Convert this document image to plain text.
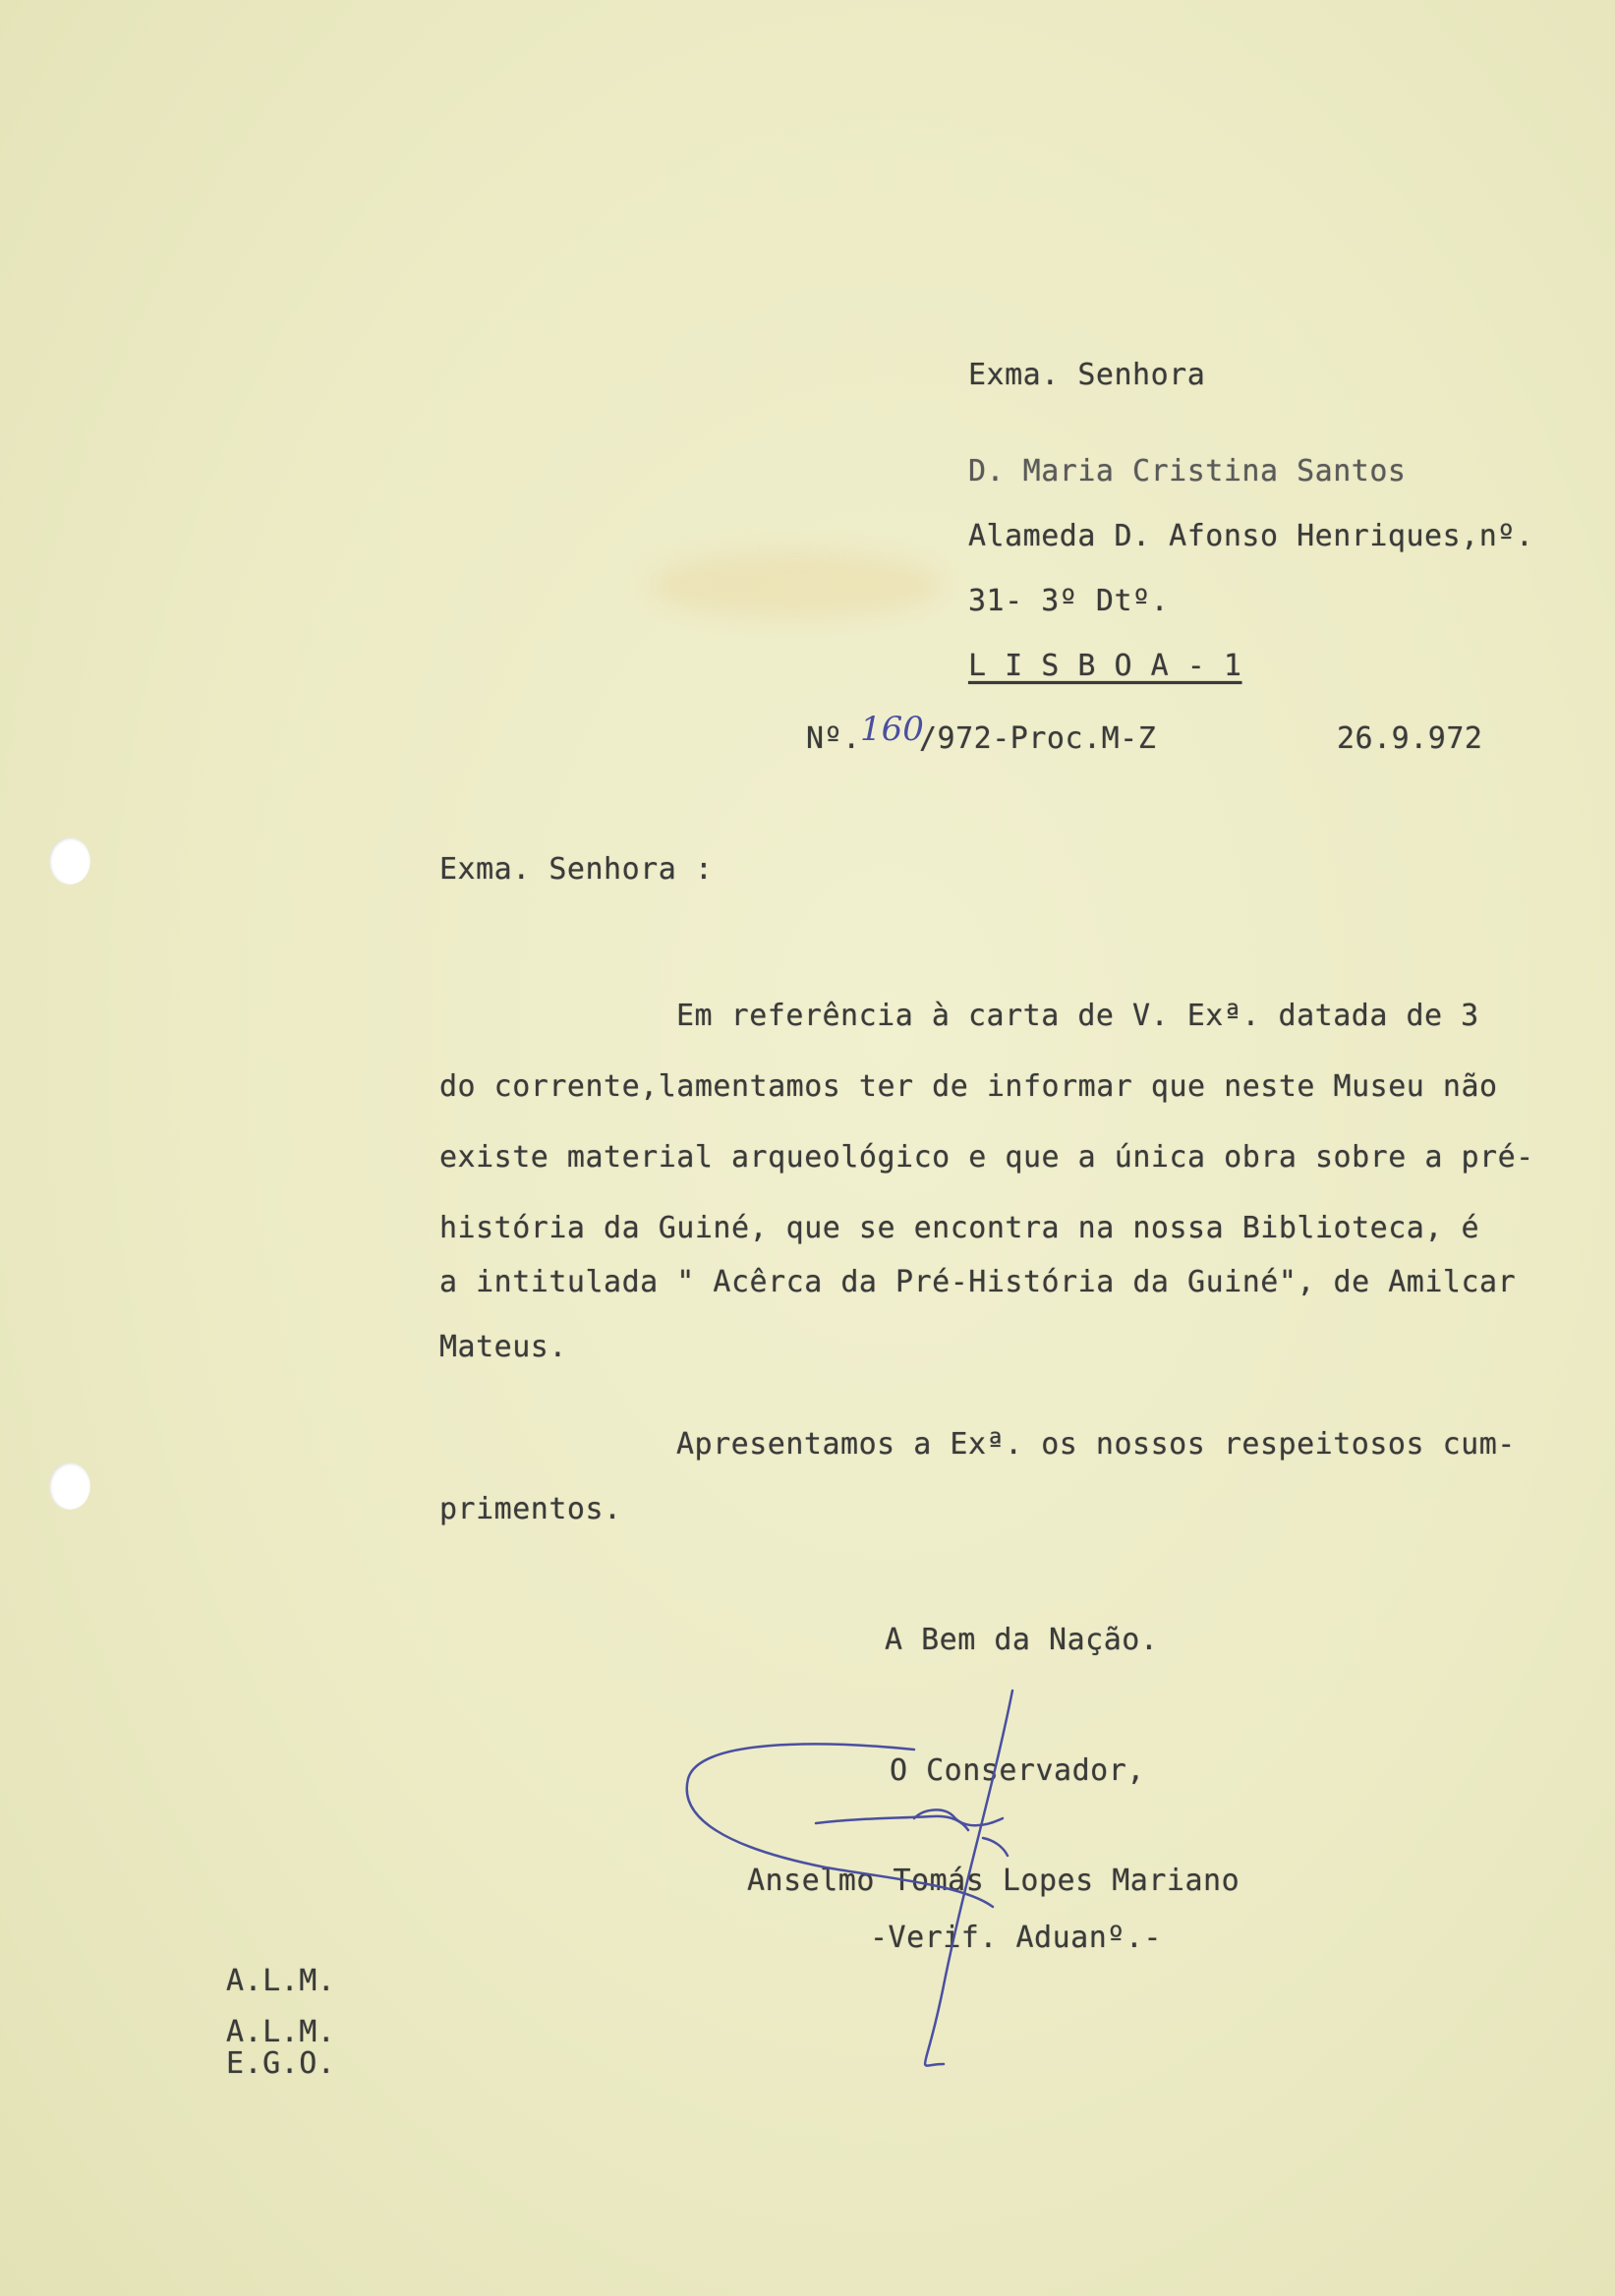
Exma. Senhora
D. Maria Cristina Santos
Alameda D. Afonso Henriques,nº.
31- 3º Dtº.
L I S B O A - 1
Nº. 160
/972-Proc.M-Z	26.9.972
Exma. Senhora :
Em referência à carta de V. Exª. datada de 3
do corrente,lamentamos ter de informar que neste Museu não
existe material arqueológico e que a única obra sobre a pré-
história da Guiné, que se encontra na nossa Biblioteca, é
a intitulada " Acêrca da Pré-História da Guiné", de Amilcar
Mateus.
Apresentamos a Exª. os nossos respeitosos cum-
primentos.
A Bem da Nação.
O Conservador,
Anselmo Tomás Lopes Mariano
-Verif. Aduanº.-
A.L.M.
A.L.M.
E.G.O.
